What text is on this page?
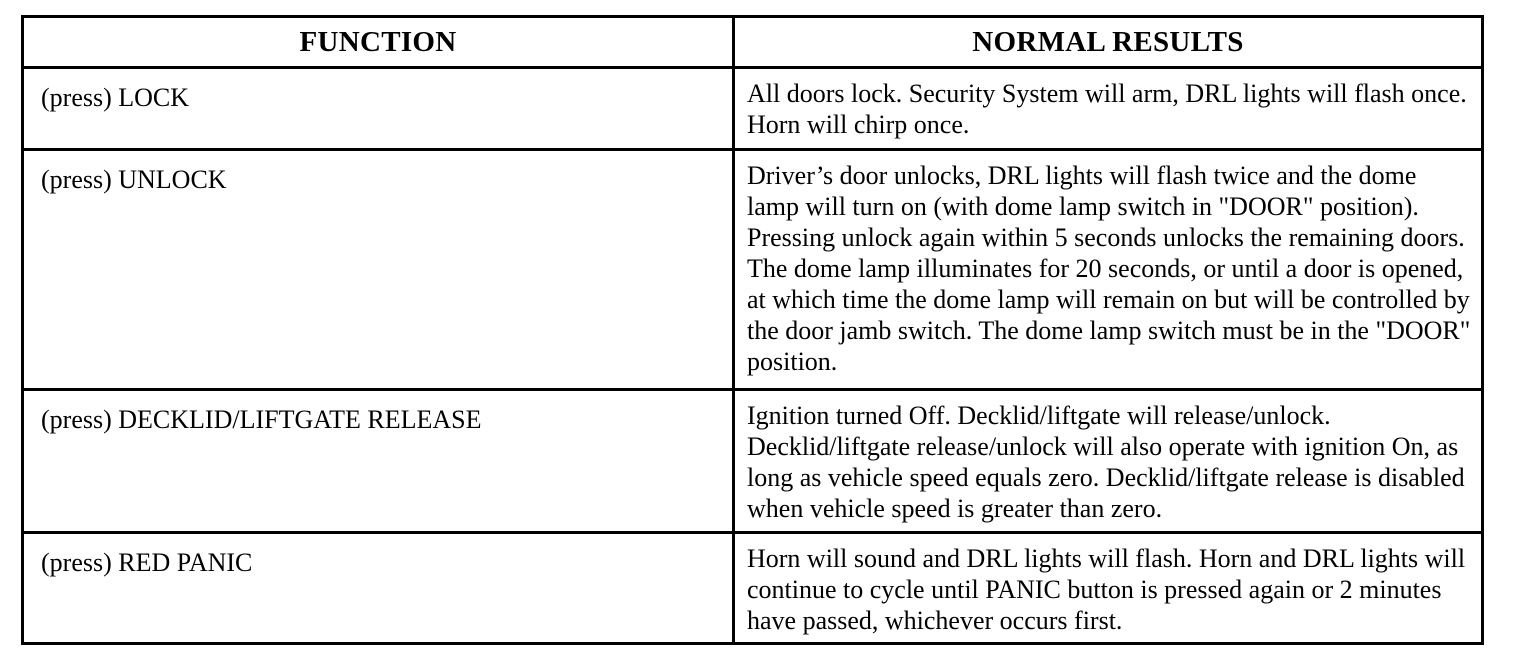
FUNCTION	NORMAL RESULTS
(press) LOCK	All doors lock. Security System will arm, DRL lights will flash once. Horn will chirp once.
(press) UNLOCK	Driver’s door unlocks, DRL lights will flash twice and the dome lamp will turn on (with dome lamp switch in "DOOR" position). Pressing unlock again within 5 seconds unlocks the remaining doors. The dome lamp illuminates for 20 seconds, or until a door is opened, at which time the dome lamp will remain on but will be controlled by the door jamb switch. The dome lamp switch must be in the "DOOR" position.
(press) DECKLID/LIFTGATE RELEASE	Ignition turned Off. Decklid/liftgate will release/unlock. Decklid/liftgate release/unlock will also operate with ignition On, as long as vehicle speed equals zero. Decklid/liftgate release is disabled when vehicle speed is greater than zero.
(press) RED PANIC	Horn will sound and DRL lights will flash. Horn and DRL lights will continue to cycle until PANIC button is pressed again or 2 minutes have passed, whichever occurs first.
